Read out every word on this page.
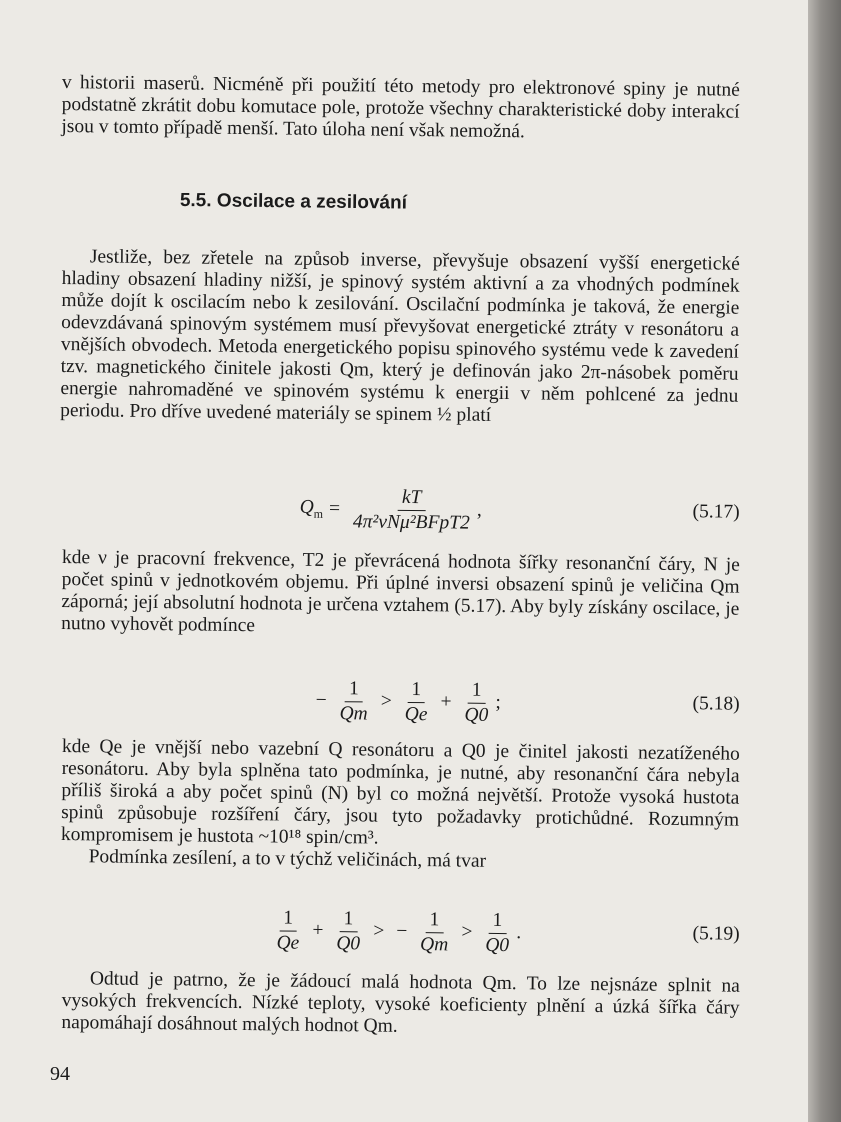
v historii maserů. Nicméně při použití této metody pro elektronové spiny je nutné podstatně zkrátit dobu komutace pole, protože všechny charakteristické doby interakcí jsou v tomto případě menší. Tato úloha není však nemožná.

5.5. Oscilace a zesilování

Jestliže, bez zřetele na způsob inverse, převyšuje obsazení vyšší energetické hladiny obsazení hladiny nižší, je spinový systém aktivní a za vhodných podmínek může dojít k oscilacím nebo k zesilování. Oscilační podmínka je taková, že energie odevzdávaná spinovým systémem musí převyšovat energetické ztráty v resonátoru a vnějších obvodech. Metoda energetického popisu spinového systému vede k zavedení tzv. magnetického činitele jakosti Qm, který je definován jako 2π-násobek poměru energie nahromaděné ve spinovém systému k energii v něm pohlcené za jednu periodu. Pro dříve uvedené materiály se spinem ½ platí

$Q_m = \frac{kT}{\text{4π²νNμ²BFpT2}}$ ,	(5.17)

kde ν je pracovní frekvence, T2 je převrácená hodnota šířky resonanční čáry, N je počet spinů v jednotkovém objemu. Při úplné inversi obsazení spinů je veličina Qm záporná; její absolutní hodnota je určena vztahem (5.17). Aby byly získány oscilace, je nutno vyhovět podmínce

− $\frac{1}{Qm} > \frac{1}{Qe} + \frac{1}{Q0}$ ;	(5.18)

kde Qe je vnější nebo vazební Q resonátoru a Q0 je činitel jakosti nezatíženého resonátoru. Aby byla splněna tato podmínka, je nutné, aby resonanční čára nebyla příliš široká a aby počet spinů (N) byl co možná největší. Protože vysoká hustota spinů způsobuje rozšíření čáry, jsou tyto požadavky protichůdné. Rozumným kompromisem je hustota ~10¹⁸ spin/cm³.

Podmínka zesílení, a to v týchž veličinách, má tvar

$\frac{1}{Qe} + \frac{1}{Q0}$ > − $\frac{1}{Qm} > \frac{1}{Q0}$ .	(5.19)

Odtud je patrno, že je žádoucí malá hodnota Qm. To lze nejsnáze splnit na vysokých frekvencích. Nízké teploty, vysoké koeficienty plnění a úzká šířka čáry napomáhají dosáhnout malých hodnot Qm.

94
